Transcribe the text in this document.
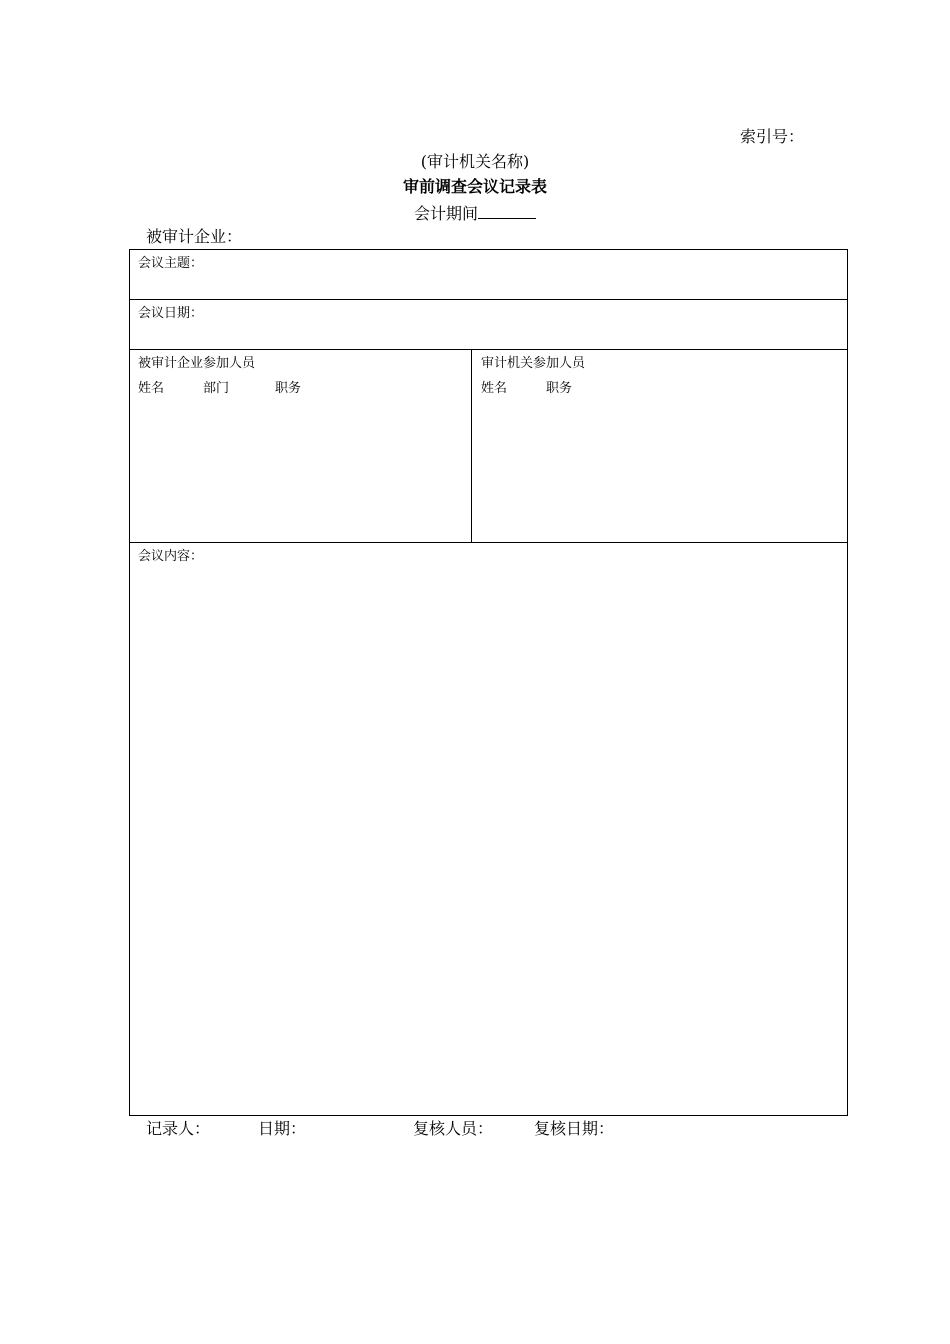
索引号：
(审计机关名称)
审前调查会议记录表
会计期间
被审计企业：
会议主题：
会议日期：
被审计企业参加人员
姓名	部门	职务
审计机关参加人员
姓名	职务
会议内容：
记录人：	日期：	复核人员：	复核日期：
